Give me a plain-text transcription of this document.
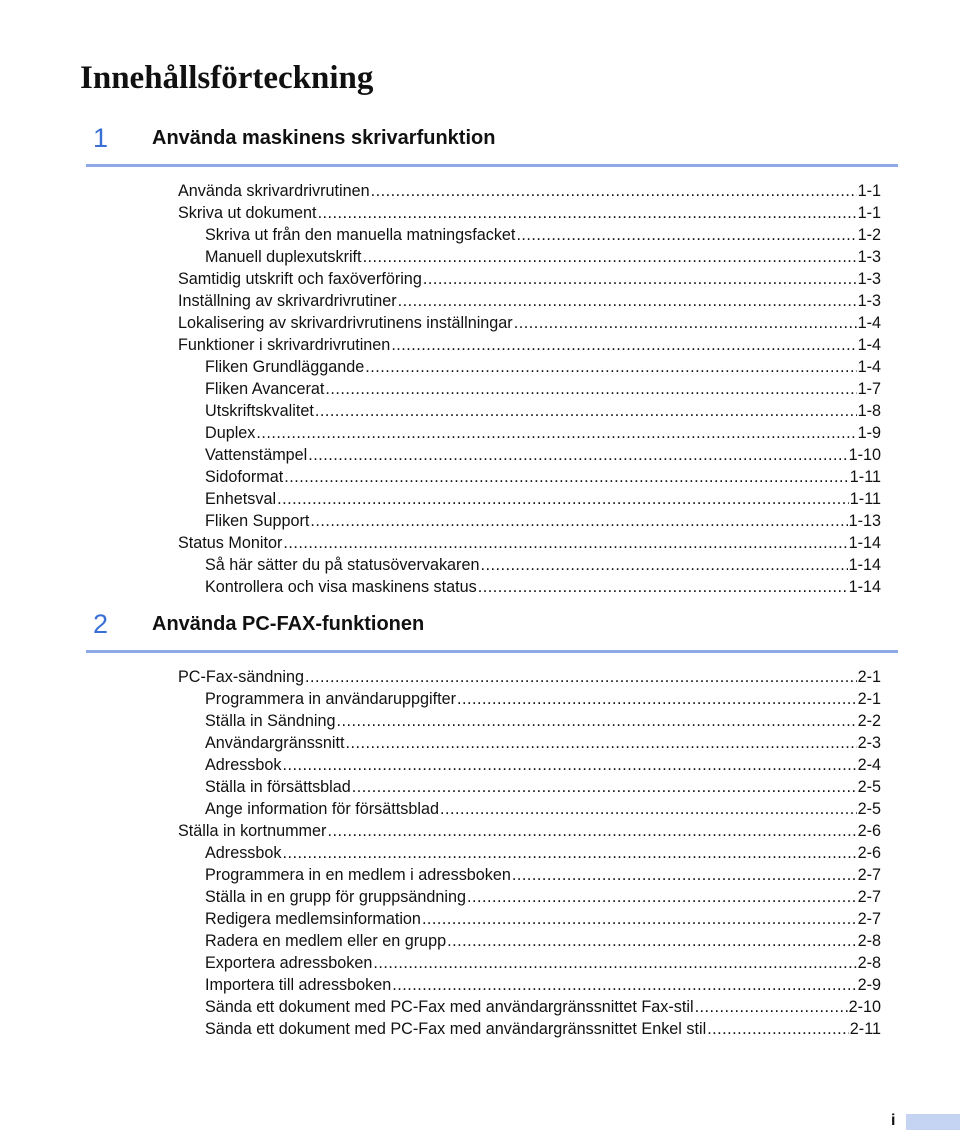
Innehållsförteckning
1 Använda maskinens skrivarfunktion
Använda skrivardrivrutinen .....	1-1
Skriva ut dokument .....	1-1
Skriva ut från den manuella matningsfacket .....	1-2
Manuell duplexutskrift .....	1-3
Samtidig utskrift och faxöverföring .....	1-3
Inställning av skrivardrivrutiner .....	1-3
Lokalisering av skrivardrivrutinens inställningar .....	1-4
Funktioner i skrivardrivrutinen .....	1-4
Fliken Grundläggande .....	1-4
Fliken Avancerat .....	1-7
Utskriftskvalitet .....	1-8
Duplex .....	1-9
Vattenstämpel .....	1-10
Sidoformat .....	1-11
Enhetsval .....	1-11
Fliken Support .....	1-13
Status Monitor .....	1-14
Så här sätter du på statusövervakaren .....	1-14
Kontrollera och visa maskinens status .....	1-14
2 Använda PC-FAX-funktionen
PC-Fax-sändning .....	2-1
Programmera in användaruppgifter .....	2-1
Ställa in Sändning .....	2-2
Användargränssnitt .....	2-3
Adressbok .....	2-4
Ställa in försättsblad .....	2-5
Ange information för försättsblad .....	2-5
Ställa in kortnummer .....	2-6
Adressbok .....	2-6
Programmera in en medlem i adressboken .....	2-7
Ställa in en grupp för gruppsändning .....	2-7
Redigera medlemsinformation .....	2-7
Radera en medlem eller en grupp .....	2-8
Exportera adressboken .....	2-8
Importera till adressboken .....	2-9
Sända ett dokument med PC-Fax med användargränssnittet Fax-stil .....	2-10
Sända ett dokument med PC-Fax med användargränssnittet Enkel stil .....	2-11
i
